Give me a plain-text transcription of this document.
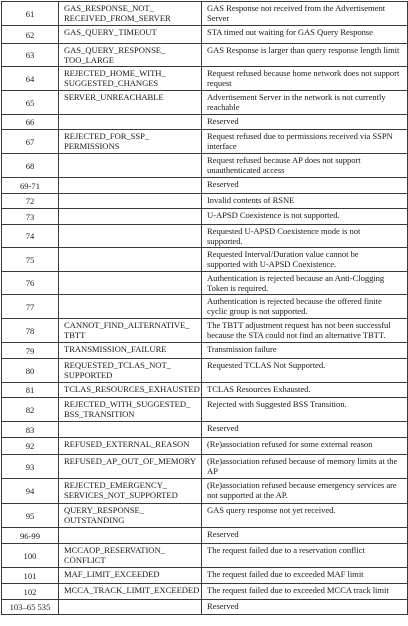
61	GAS_RESPONSE_NOT_
RECEIVED_FROM_SERVER	GAS Response not received from the Advertisement
Server

62	GAS_QUERY_TIMEOUT	STA timed out waiting for GAS Query Response

63	GAS_QUERY_RESPONSE_
TOO_LARGE	GAS Response is larger than query response length limit

64	REJECTED_HOME_WITH_
SUGGESTED_CHANGES	Request refused because home network does not support
request

65	SERVER_UNREACHABLE	Advertisement Server in the network is not currently
reachable

66		Reserved

67	REJECTED_FOR_SSP_
PERMISSIONS	Request refused due to permissions received via SSPN
interface

68		Request refused because AP does not support
unauthenticated access

69-71		Reserved

72		Invalid contents of RSNE

73		U-APSD Coexistence is not supported.

74		Requested U-APSD Coexistence mode is not
supported.

75		Requested Interval/Duration value cannot be
supported with U-APSD Coexistence.

76		Authentication is rejected because an Anti-Clogging
Token is required.

77		Authentication is rejected because the offered finite
cyclic group is not supported.

78	CANNOT_FIND_ALTERNATIVE_
TBTT	The TBTT adjustment request has not been successful
because the STA could not find an alternative TBTT.

79	TRANSMISSION_FAILURE	Transmission failure

80	REQUESTED_TCLAS_NOT_
SUPPORTED	Requested TCLAS Not Supported.

81	TCLAS_RESOURCES_EXHAUSTED	TCLAS Resources Exhausted.

82	REJECTED_WITH_SUGGESTED_
BSS_TRANSITION	Rejected with Suggested BSS Transition.

83		Reserved

92	REFUSED_EXTERNAL_REASON	(Re)association refused for some external reason

93	REFUSED_AP_OUT_OF_MEMORY	(Re)association refused because of memory limits at the
AP

94	REJECTED_EMERGENCY_
SERVICES_NOT_SUPPORTED	(Re)association refused because emergency services are
not supported at the AP.

95	QUERY_RESPONSE_
OUTSTANDING	GAS query response not yet received.

96-99		Reserved

100	MCCAOP_RESERVATION_
CONFLICT	The request failed due to a reservation conflict

101	MAF_LIMIT_EXCEEDED	The request failed due to exceeded MAF limit

102	MCCA_TRACK_LIMIT_EXCEEDED	The request failed due to exceeded MCCA track limit

103–65 535		Reserved
